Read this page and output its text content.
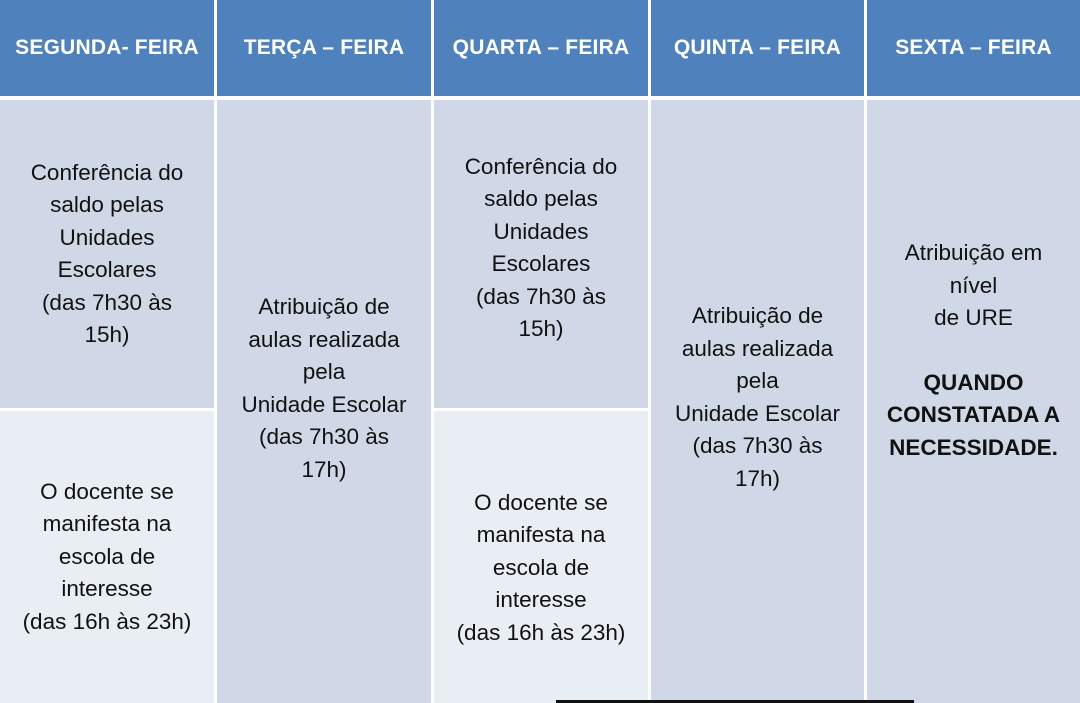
SEGUNDA- FEIRA
Conferência do
saldo pelas
Unidades
Escolares
(das 7h30 às
15h)
O docente se
manifesta na
escola de
interesse
(das 16h às 23h)
TERÇA – FEIRA
Atribuição de
aulas realizada
pela
Unidade Escolar
(das 7h30 às
17h)
QUARTA – FEIRA
Conferência do
saldo pelas
Unidades
Escolares
(das 7h30 às
15h)
O docente se
manifesta na
escola de
interesse
(das 16h às 23h)
QUINTA – FEIRA
Atribuição de
aulas realizada
pela
Unidade Escolar
(das 7h30 às
17h)
SEXTA – FEIRA
Atribuição em
nível
de URE
QUANDO
CONSTATADA A
NECESSIDADE.
